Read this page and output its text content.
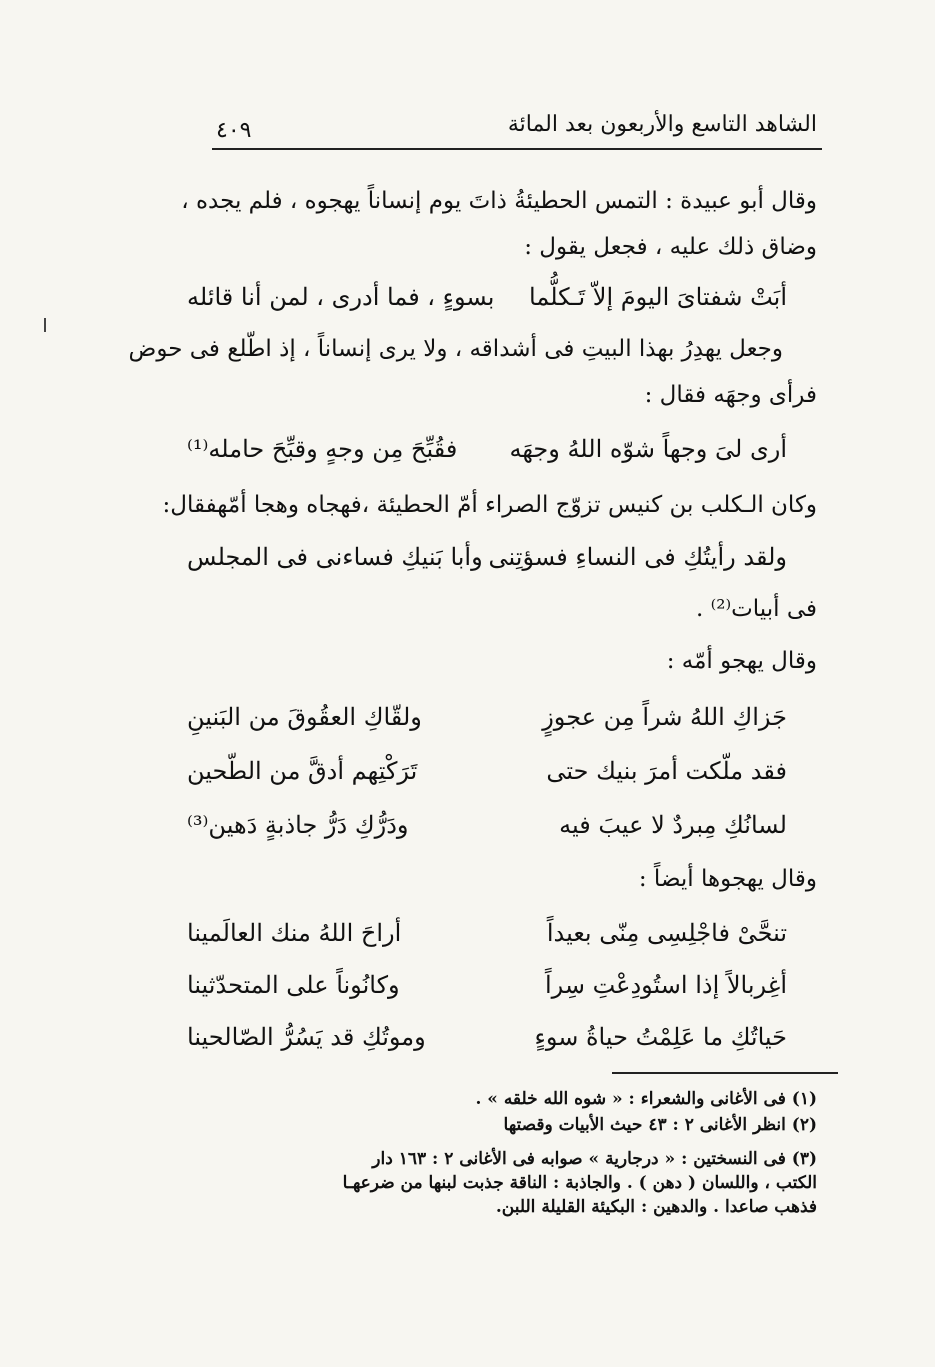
الشاهد التاسع والأربعون بعد المائة
٤٠٩
وقال أبو عبيدة : التمس الحطيئةُ ذاتَ يوم إنساناً يهجوه ، فلم يجده ،
وضاق ذلك عليه ، فجعل يقول :
أبَتْ شفتایَ اليومَ إلاّ تَـكلُّما
بسوءٍ ، فما أدرى ، لمن أنا قائله
وجعل يهدِرُ بهذا البيتِ فى أشداقه ، ولا يرى إنساناً ، إذ اطّلع فى حوض
فرأى وجهَه فقال :
أرى لىَ وجهاً شوّه اللهُ وجهَه
فقُبِّحَ مِن وجهٍ وقبِّحَ حامله⁽¹⁾
وكان الـكلب بن كنيس تزوّج الصراء أمّ الحطيئة ،فهجاه وهجا أمّهفقال:
ولقد رأيتُكِ فى النساءِ فسؤتِنى
وأبا بَنيكِ فساءنى فى المجلس
فى أبيات⁽²⁾ .
وقال يهجو أمّه :
جَزاكِ اللهُ شراً مِن عجوزٍ
ولقّاكِ العقُوقَ من البَنينِ
فقد ملّكت أمرَ بنيك حتى
تَرَكْتِهم أدقَّ من الطّحين
لسانُكِ مِبردٌ لا عيبَ فيه
ودَرُّكِ دَرُّ جاذبةٍ دَهين⁽³⁾
وقال يهجوها أيضاً :
تنحَّىْ فاجْلِسِى مِنّى بعيداً
أراحَ اللهُ منك العالَمينا
أغِربالاً إذا استُودِعْتِ سِراً
وكانُوناً على المتحدّثينا
حَياتُكِ ما عَلِمْتُ حياةُ سوءٍ
وموتُكِ قد يَسُرُّ الصّالحينا
(١) فى الأغانى والشعراء : « شوه الله خلقه » .
(٢) انظر الأغانى ٢ : ٤٣ حيث الأبيات وقصتها
(٣) فى النسختين : « درجارية » صوابه فى الأغانى ٢ : ١٦٣ دار
الكتب ، واللسان ( دهن ) . والجاذبة : الناقة جذبت لبنها من ضرعهـا
فذهب صاعدا . والدهين : البكيئة القليلة اللبن.
